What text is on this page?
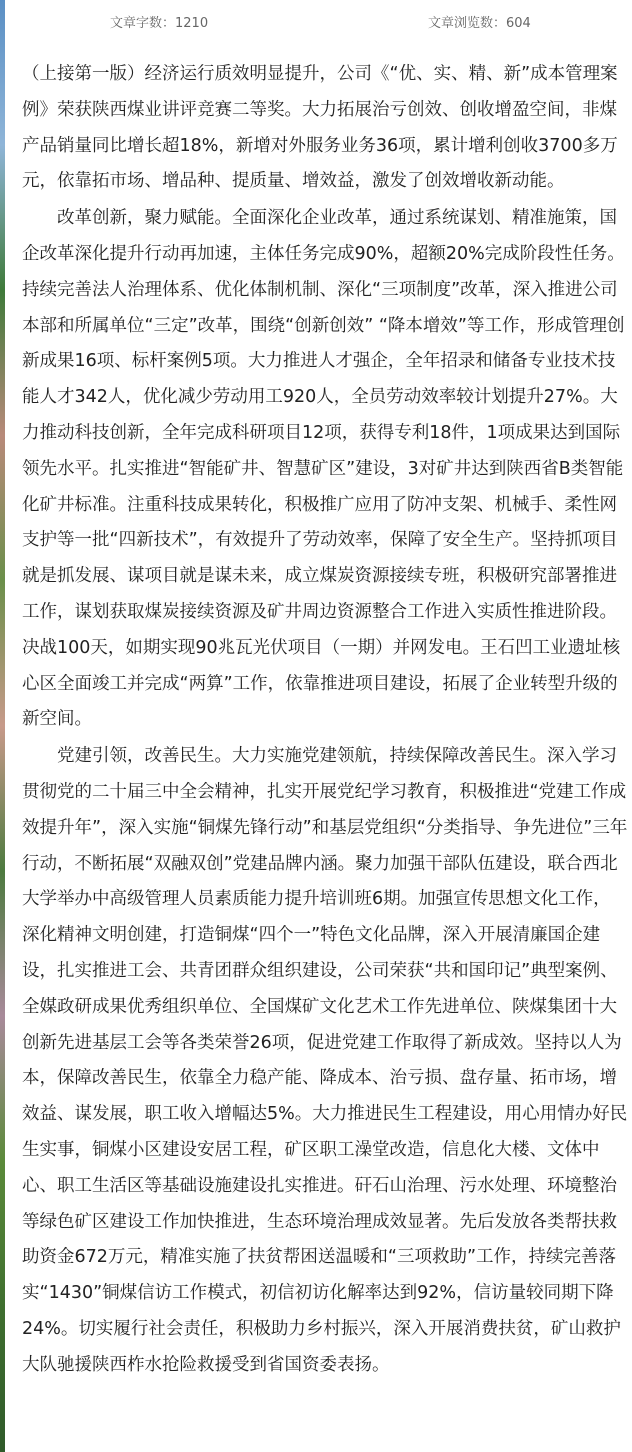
文章字数：1210	文章浏览数：604

（上接第一版）经济运行质效明显提升，公司《“优、实、精、新”成本管理案例》荣获陕西煤业讲评竞赛二等奖。大力拓展治亏创效、创收增盈空间，非煤产品销量同比增长超18%，新增对外服务业务36项，累计增利创收3700多万元，依靠拓市场、增品种、提质量、增效益，激发了创效增收新动能。

改革创新，聚力赋能。全面深化企业改革，通过系统谋划、精准施策，国企改革深化提升行动再加速，主体任务完成90%，超额20%完成阶段性任务。持续完善法人治理体系、优化体制机制、深化“三项制度”改革，深入推进公司本部和所属单位“三定”改革，围绕“创新创效” “降本增效”等工作，形成管理创新成果16项、标杆案例5项。大力推进人才强企，全年招录和储备专业技术技能人才342人，优化减少劳动用工920人，全员劳动效率较计划提升27%。大力推动科技创新，全年完成科研项目12项，获得专利18件，1项成果达到国际领先水平。扎实推进“智能矿井、智慧矿区”建设，3对矿井达到陕西省B类智能化矿井标准。注重科技成果转化，积极推广应用了防冲支架、机械手、柔性网支护等一批“四新技术”，有效提升了劳动效率，保障了安全生产。坚持抓项目就是抓发展、谋项目就是谋未来，成立煤炭资源接续专班，积极研究部署推进工作，谋划获取煤炭接续资源及矿井周边资源整合工作进入实质性推进阶段。决战100天，如期实现90兆瓦光伏项目（一期）并网发电。王石凹工业遗址核心区全面竣工并完成“两算”工作，依靠推进项目建设，拓展了企业转型升级的新空间。

党建引领，改善民生。大力实施党建领航，持续保障改善民生。深入学习贯彻党的二十届三中全会精神，扎实开展党纪学习教育，积极推进“党建工作成效提升年”，深入实施“铜煤先锋行动”和基层党组织“分类指导、争先进位”三年行动，不断拓展“双融双创”党建品牌内涵。聚力加强干部队伍建设，联合西北大学举办中高级管理人员素质能力提升培训班6期。加强宣传思想文化工作，深化精神文明创建，打造铜煤“四个一”特色文化品牌，深入开展清廉国企建设，扎实推进工会、共青团群众组织建设，公司荣获“共和国印记”典型案例、全媒政研成果优秀组织单位、全国煤矿文化艺术工作先进单位、陕煤集团十大创新先进基层工会等各类荣誉26项，促进党建工作取得了新成效。坚持以人为本，保障改善民生，依靠全力稳产能、降成本、治亏损、盘存量、拓市场，增效益、谋发展，职工收入增幅达5%。大力推进民生工程建设，用心用情办好民生实事，铜煤小区建设安居工程，矿区职工澡堂改造，信息化大楼、文体中心、职工生活区等基础设施建设扎实推进。矸石山治理、污水处理、环境整治等绿色矿区建设工作加快推进，生态环境治理成效显著。先后发放各类帮扶救助资金672万元，精准实施了扶贫帮困送温暖和“三项救助”工作，持续完善落实“1430”铜煤信访工作模式，初信初访化解率达到92%，信访量较同期下降24%。切实履行社会责任，积极助力乡村振兴，深入开展消费扶贫，矿山救护大队驰援陕西柞水抢险救援受到省国资委表扬。
